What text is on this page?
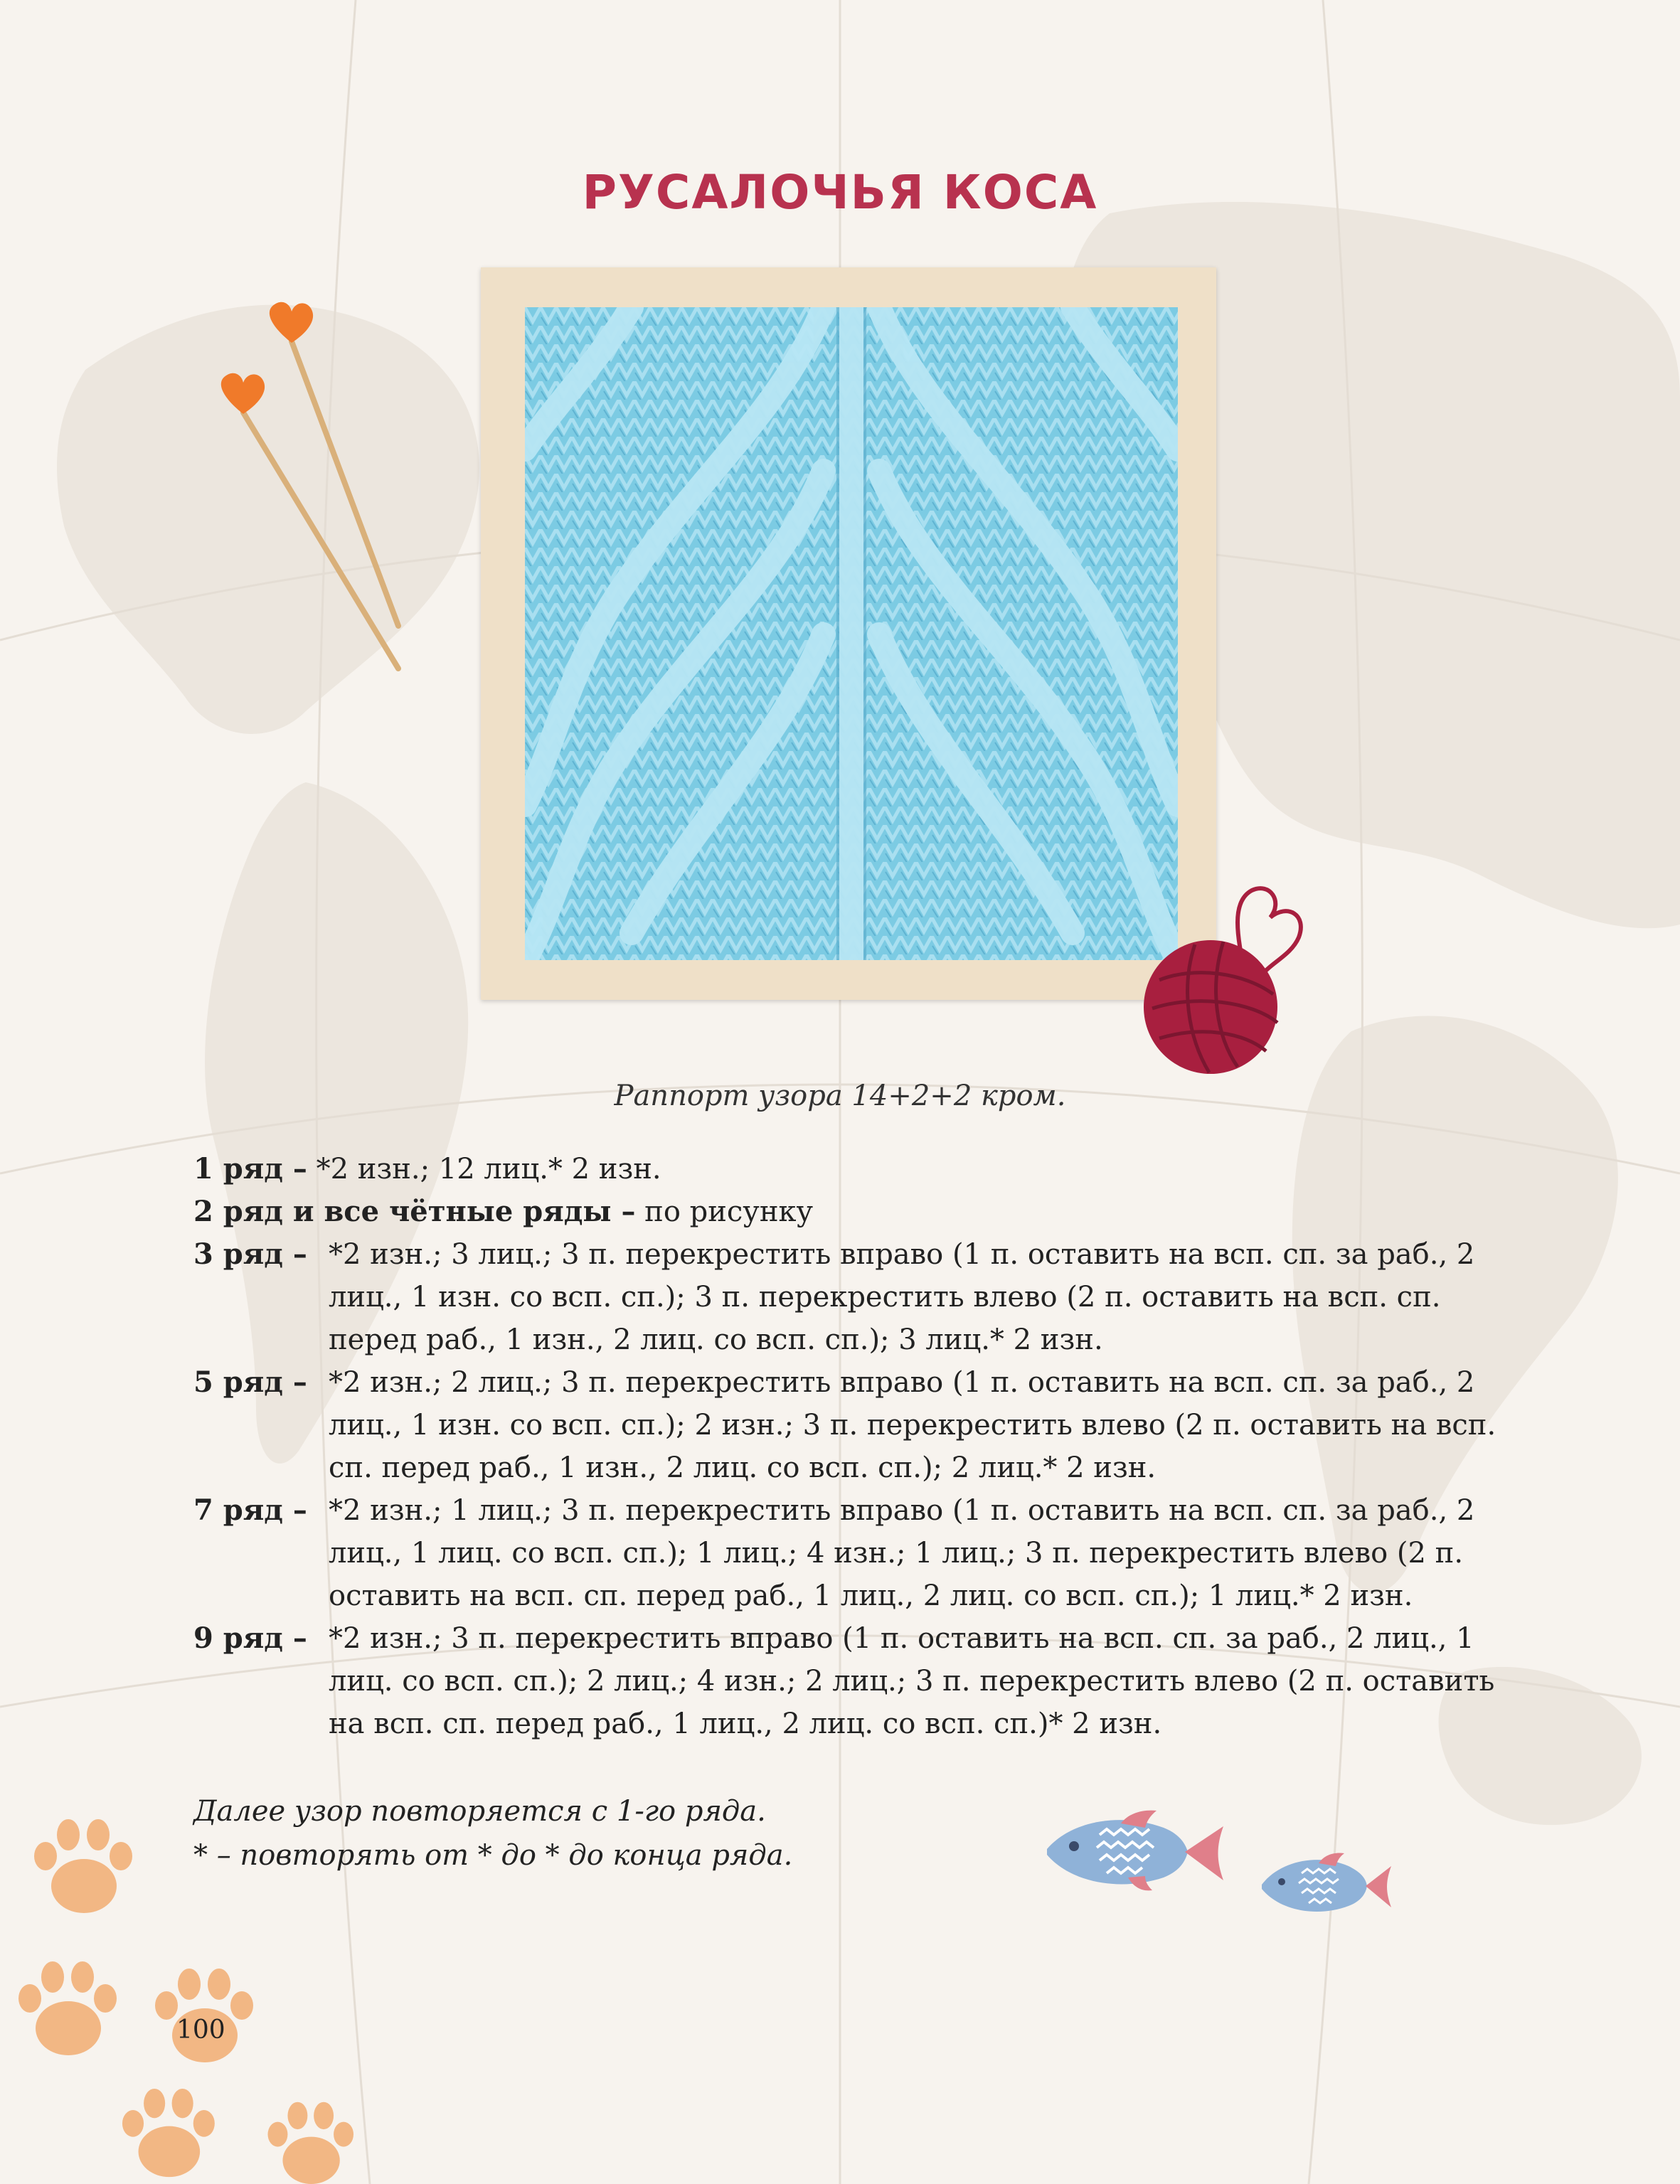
РУСАЛОЧЬЯ КОСА

Раппорт узора 14+2+2 кром.

1 ряд – *2 изн.; 12 лиц.* 2 изн.

2 ряд и все чётные ряды – по рисунку

3 ряд – *2 изн.; 3 лиц.; 3 п. перекрестить вправо (1 п. оставить на всп. сп. за раб., 2 лиц., 1 изн. со всп. сп.); 3 п. перекрестить влево (2 п. оставить на всп. сп. перед раб., 1 изн., 2 лиц. со всп. сп.); 3 лиц.* 2 изн.

5 ряд – *2 изн.; 2 лиц.; 3 п. перекрестить вправо (1 п. оставить на всп. сп. за раб., 2 лиц., 1 изн. со всп. сп.); 2 изн.; 3 п. перекрестить влево (2 п. оставить на всп. сп. перед раб., 1 изн., 2 лиц. со всп. сп.); 2 лиц.* 2 изн.

7 ряд – *2 изн.; 1 лиц.; 3 п. перекрестить вправо (1 п. оставить на всп. сп. за раб., 2 лиц., 1 лиц. со всп. сп.); 1 лиц.; 4 изн.; 1 лиц.; 3 п. перекрестить влево (2 п. оставить на всп. сп. перед раб., 1 лиц., 2 лиц. со всп. сп.); 1 лиц.* 2 изн.

9 ряд – *2 изн.; 3 п. перекрестить вправо (1 п. оставить на всп. сп. за раб., 2 лиц., 1 лиц. со всп. сп.); 2 лиц.; 4 изн.; 2 лиц.; 3 п. перекрестить влево (2 п. оставить на всп. сп. перед раб., 1 лиц., 2 лиц. со всп. сп.)* 2 изн.

Далее узор повторяется с 1-го ряда.
* – повторять от * до * до конца ряда.
100
